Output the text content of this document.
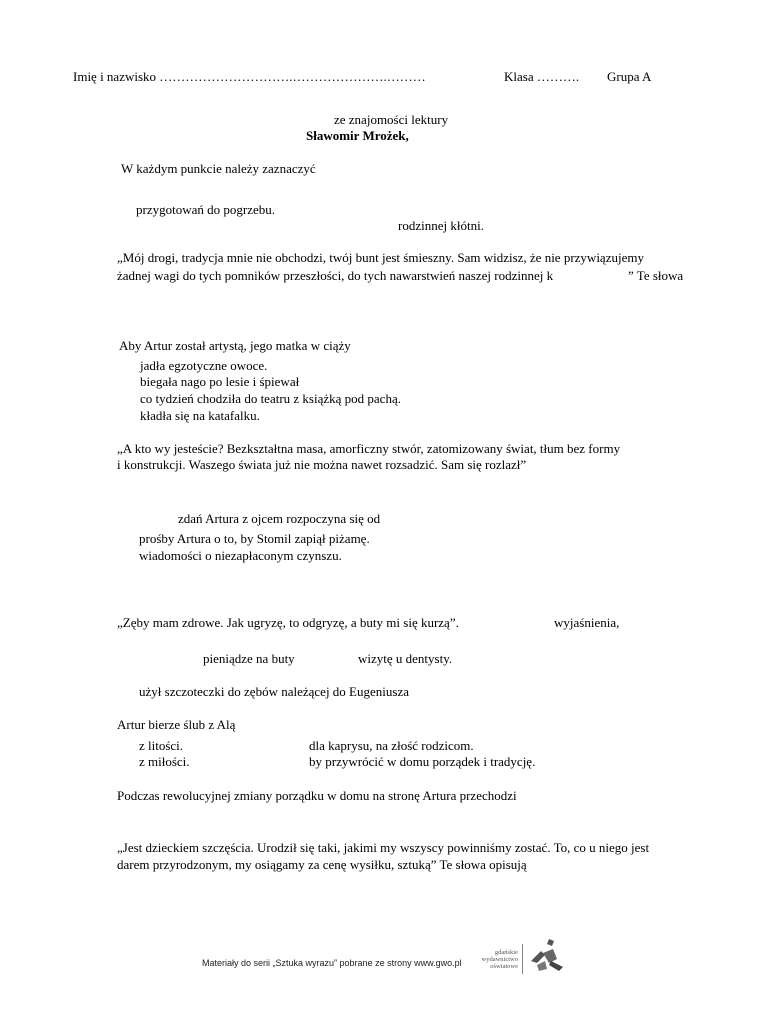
Imię i nazwisko ………………………….………………….………	Klasa ………. Grupa A
ze znajomości lektury
Sławomir Mrożek,
W każdym punkcie należy zaznaczyć
przygotowań do pogrzebu.
rodzinnej kłótni.
„Mój drogi, tradycja mnie nie obchodzi, twój bunt jest śmieszny. Sam widzisz, że nie przywiązujemy
żadnej wagi do tych pomników przeszłości, do tych nawarstwień naszej rodzinnej k	” Te słowa
Aby Artur został artystą, jego matka w ciąży
jadła egzotyczne owoce.
biegała nago po lesie i śpiewał
co tydzień chodziła do teatru z książką pod pachą.
kładła się na katafalku.
„A kto wy jesteście? Bezkształtna masa, amorficzny stwór, zatomizowany świat, tłum bez formy
i konstrukcji. Waszego świata już nie można nawet rozsadzić. Sam się rozlazł”
zdań Artura z ojcem rozpoczyna się od
prośby Artura o to, by Stomil zapiął piżamę.
wiadomości o niezapłaconym czynszu.
„Zęby mam zdrowe. Jak ugryzę, to odgryzę, a buty mi się kurzą”.	wyjaśnienia,
pieniądze na buty	wizytę u dentysty.
użył szczoteczki do zębów należącej do Eugeniusza
Artur bierze ślub z Alą
z litości.	dla kaprysu, na złość rodzicom.
z miłości.	by przywrócić w domu porządek i tradycję.
Podczas rewolucyjnej zmiany porządku w domu na stronę Artura przechodzi
„Jest dzieckiem szczęścia. Urodził się taki, jakimi my wszyscy powinniśmy zostać. To, co u niego jest
darem przyrodzonym, my osiągamy za cenę wysiłku, sztuką” Te słowa opisują
Materiały do serii „Sztuka wyrazu” pobrane ze strony www.gwo.pl
gdańskie
wydawnictwo
oświatowe
